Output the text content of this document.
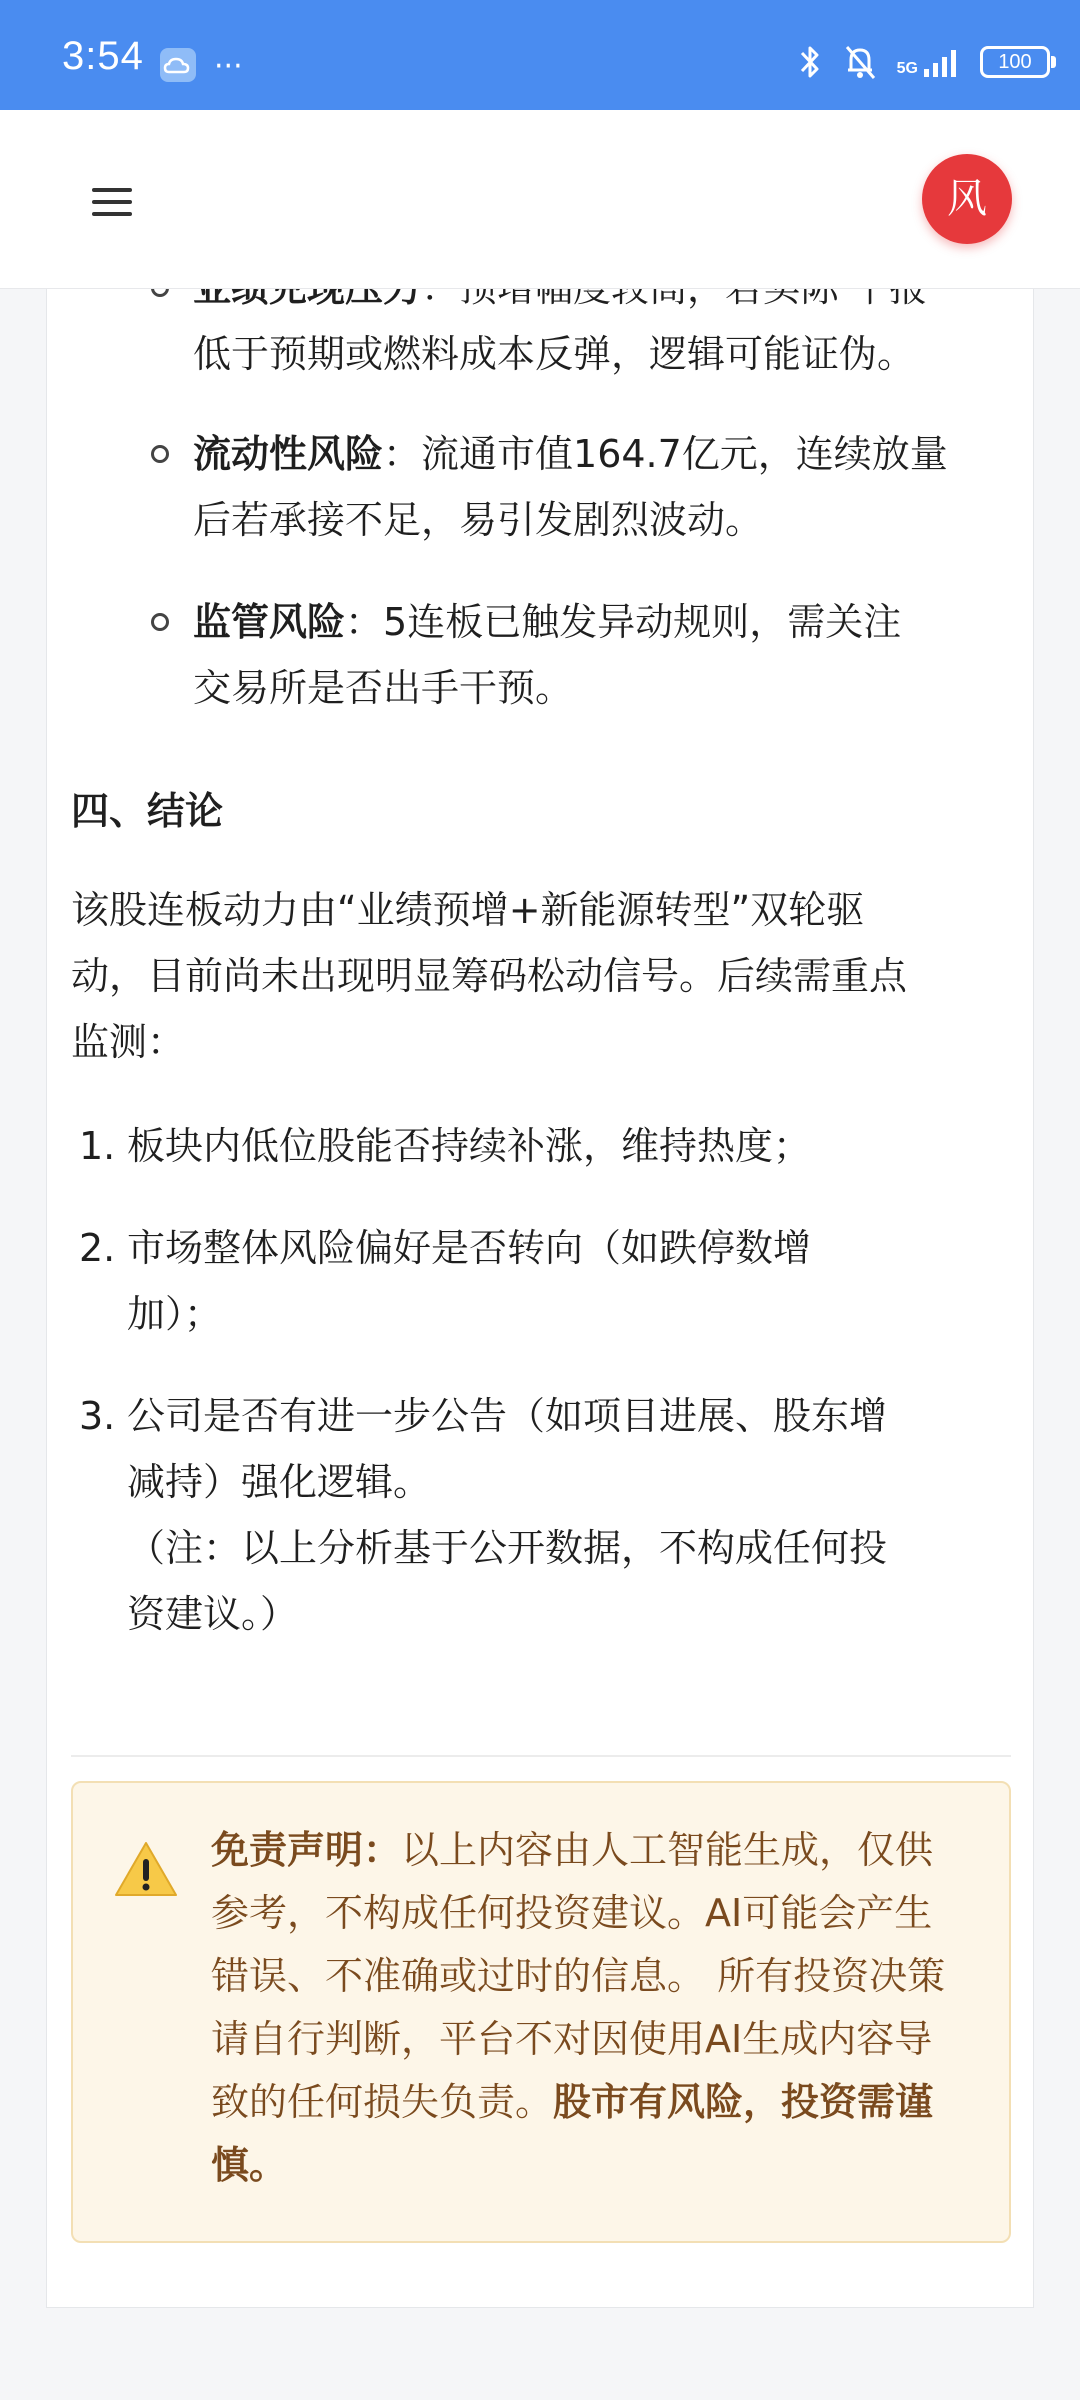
3:54 ···	5G	100
风
低于预期或燃料成本反弹，逻辑可能证伪。
流动性风险：流通市值164.7亿元，连续放量
后若承接不足，易引发剧烈波动。
监管风险：5连板已触发异动规则，需关注
交易所是否出手干预。
四、结论
该股连板动力由“业绩预增+新能源转型”双轮驱
动，目前尚未出现明显筹码松动信号。后续需重点
监测：
1. 板块内低位股能否持续补涨，维持热度；
2. 市场整体风险偏好是否转向（如跌停数增
加）；
3. 公司是否有进一步公告（如项目进展、股东增
减持）强化逻辑。
（注：以上分析基于公开数据，不构成任何投
资建议。）
免责声明：以上内容由人工智能生成，仅供
参考，不构成任何投资建议。AI可能会产生
错误、不准确或过时的信息。 所有投资决策
请自行判断，平台不对因使用AI生成内容导
致的任何损失负责。股市有风险，投资需谨
慎。
